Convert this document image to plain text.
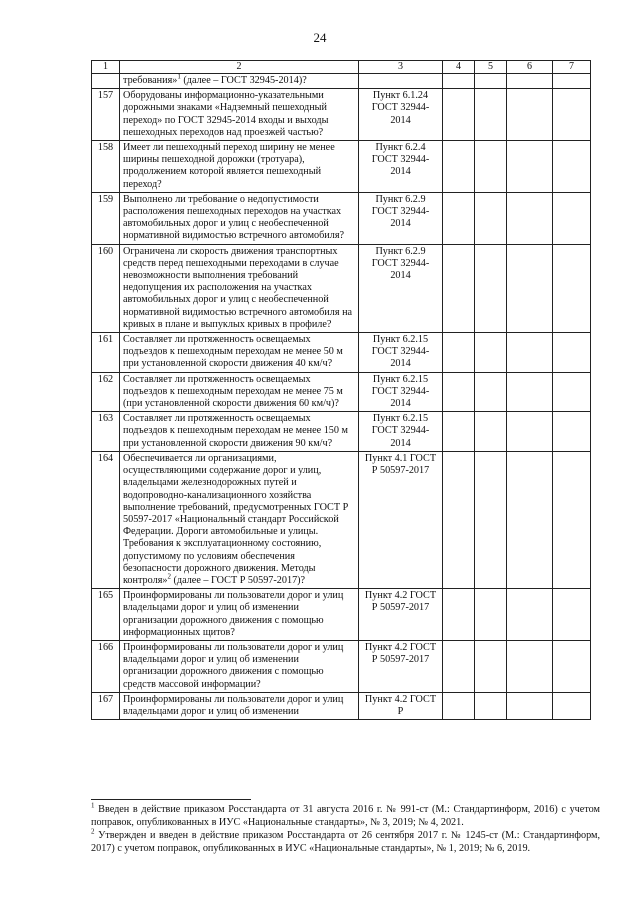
24
1	2	3	4	5	6	7
	требования»$^1$ (далее – ГОСТ 32945-2014)?					
157	Оборудованы информационно-указательными дорожными знаками «Надземный пешеходный переход» по ГОСТ 32945-2014 входы и выходы пешеходных переходов над проезжей частью?	Пункт 6.1.24 ГОСТ 32944-2014				
158	Имеет ли пешеходный переход ширину не менее ширины пешеходной дорожки (тротуара), продолжением которой является пешеходный переход?	Пункт 6.2.4 ГОСТ 32944-2014				
159	Выполнено ли требование о недопустимости расположения пешеходных переходов на участках автомобильных дорог и улиц с необеспеченной нормативной видимостью встречного автомобиля?	Пункт 6.2.9 ГОСТ 32944-2014				
160	Ограничена ли скорость движения транспортных средств перед пешеходными переходами в случае невозможности выполнения требований недопущения их расположения на участках автомобильных дорог и улиц с необеспеченной нормативной видимостью встречного автомобиля на кривых в плане и выпуклых кривых в профиле?	Пункт 6.2.9 ГОСТ 32944-2014				
161	Составляет ли протяженность освещаемых подъездов к пешеходным переходам не менее 50 м при установленной скорости движения 40 км/ч?	Пункт 6.2.15 ГОСТ 32944-2014				
162	Составляет ли протяженность освещаемых подъездов к пешеходным переходам не менее 75 м (при установленной скорости движения 60 км/ч)?	Пункт 6.2.15 ГОСТ 32944-2014				
163	Составляет ли протяженность освещаемых подъездов к пешеходным переходам не менее 150 м при установленной скорости движения 90 км/ч?	Пункт 6.2.15 ГОСТ 32944-2014				
164	Обеспечивается ли организациями, осуществляющими содержание дорог и улиц, владельцами железнодорожных путей и водопроводно-канализационного хозяйства выполнение требований, предусмотренных ГОСТ Р 50597-2017 «Национальный стандарт Российской Федерации. Дороги автомобильные и улицы. Требования к эксплуатационному состоянию, допустимому по условиям обеспечения безопасности дорожного движения. Методы контроля»$^2$ (далее – ГОСТ Р 50597-2017)?	Пункт 4.1 ГОСТ Р 50597-2017				
165	Проинформированы ли пользователи дорог и улиц владельцами дорог и улиц об изменении организации дорожного движения с помощью информационных щитов?	Пункт 4.2 ГОСТ Р 50597-2017				
166	Проинформированы ли пользователи дорог и улиц владельцами дорог и улиц об изменении организации дорожного движения с помощью средств массовой информации?	Пункт 4.2 ГОСТ Р 50597-2017				
167	Проинформированы ли пользователи дорог и улиц владельцами дорог и улиц об изменении	Пункт 4.2 ГОСТ Р				

$^1$ Введен в действие приказом Росстандарта от 31 августа 2016 г. № 991-ст (М.: Стандартинформ, 2016) с учетом поправок, опубликованных в ИУС «Национальные стандарты», № 3, 2019; № 4, 2021.

$^2$ Утвержден и введен в действие приказом Росстандарта от 26 сентября 2017 г. № 1245-ст (М.: Стандартинформ, 2017) с учетом поправок, опубликованных в ИУС «Национальные стандарты», № 1, 2019; № 6, 2019.
